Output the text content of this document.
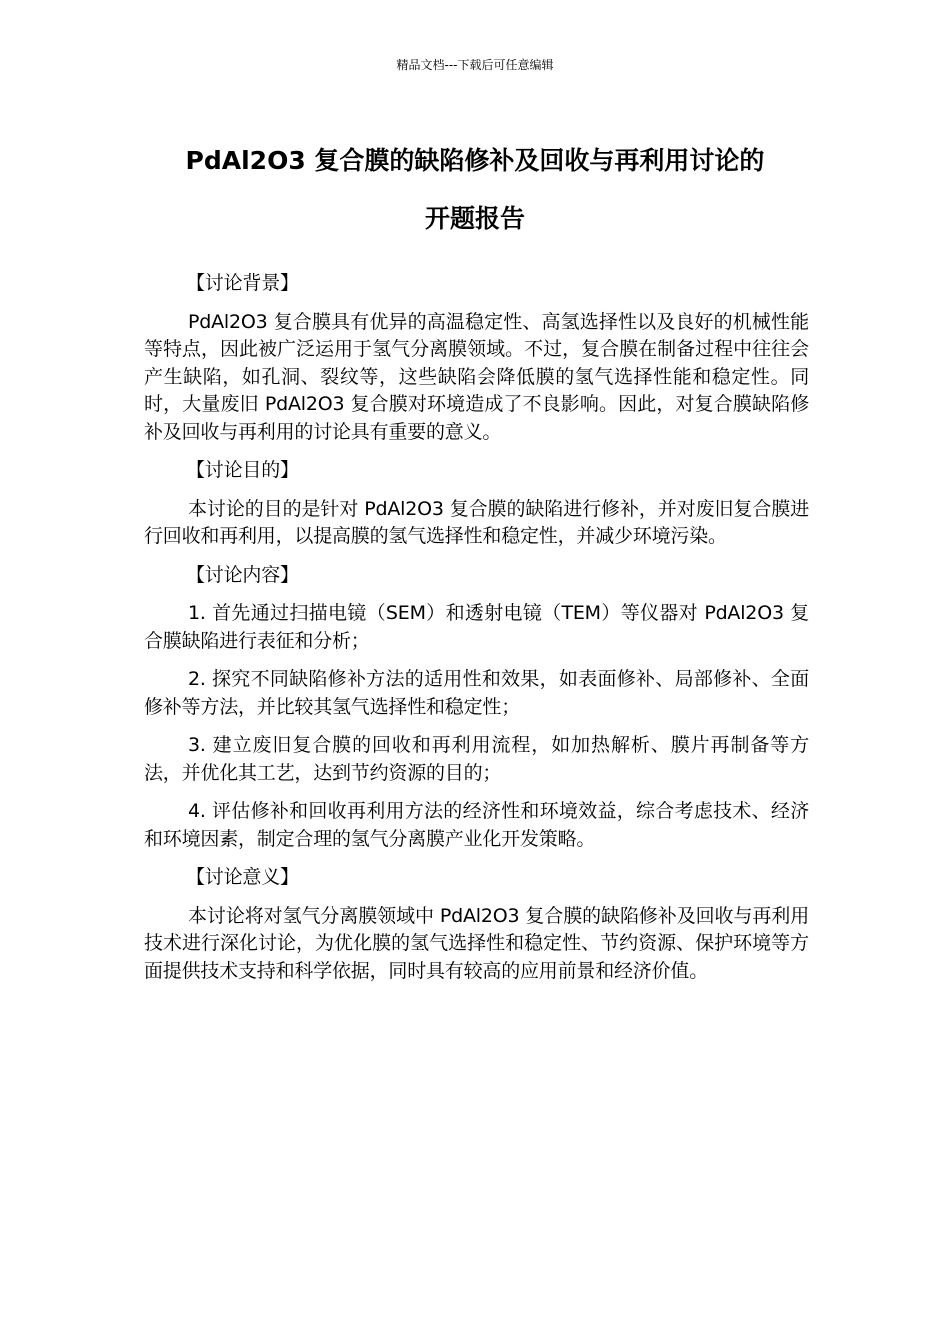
精品文档---下载后可任意编辑
PdAl2O3 复合膜的缺陷修补及回收与再利用讨论的
开题报告
【讨论背景】
PdAl2O3 复合膜具有优异的高温稳定性、高氢选择性以及良好的机械性能等特点，因此被广泛运用于氢气分离膜领域。不过，复合膜在制备过程中往往会产生缺陷，如孔洞、裂纹等，这些缺陷会降低膜的氢气选择性能和稳定性。同时，大量废旧 PdAl2O3 复合膜对环境造成了不良影响。因此，对复合膜缺陷修补及回收与再利用的讨论具有重要的意义。
【讨论目的】
本讨论的目的是针对 PdAl2O3 复合膜的缺陷进行修补，并对废旧复合膜进行回收和再利用，以提高膜的氢气选择性和稳定性，并减少环境污染。
【讨论内容】
1. 首先通过扫描电镜（SEM）和透射电镜（TEM）等仪器对 PdAl2O3 复合膜缺陷进行表征和分析；
2. 探究不同缺陷修补方法的适用性和效果，如表面修补、局部修补、全面修补等方法，并比较其氢气选择性和稳定性；
3. 建立废旧复合膜的回收和再利用流程，如加热解析、膜片再制备等方法，并优化其工艺，达到节约资源的目的；
4. 评估修补和回收再利用方法的经济性和环境效益，综合考虑技术、经济和环境因素，制定合理的氢气分离膜产业化开发策略。
【讨论意义】
本讨论将对氢气分离膜领域中 PdAl2O3 复合膜的缺陷修补及回收与再利用技术进行深化讨论，为优化膜的氢气选择性和稳定性、节约资源、保护环境等方面提供技术支持和科学依据，同时具有较高的应用前景和经济价值。
